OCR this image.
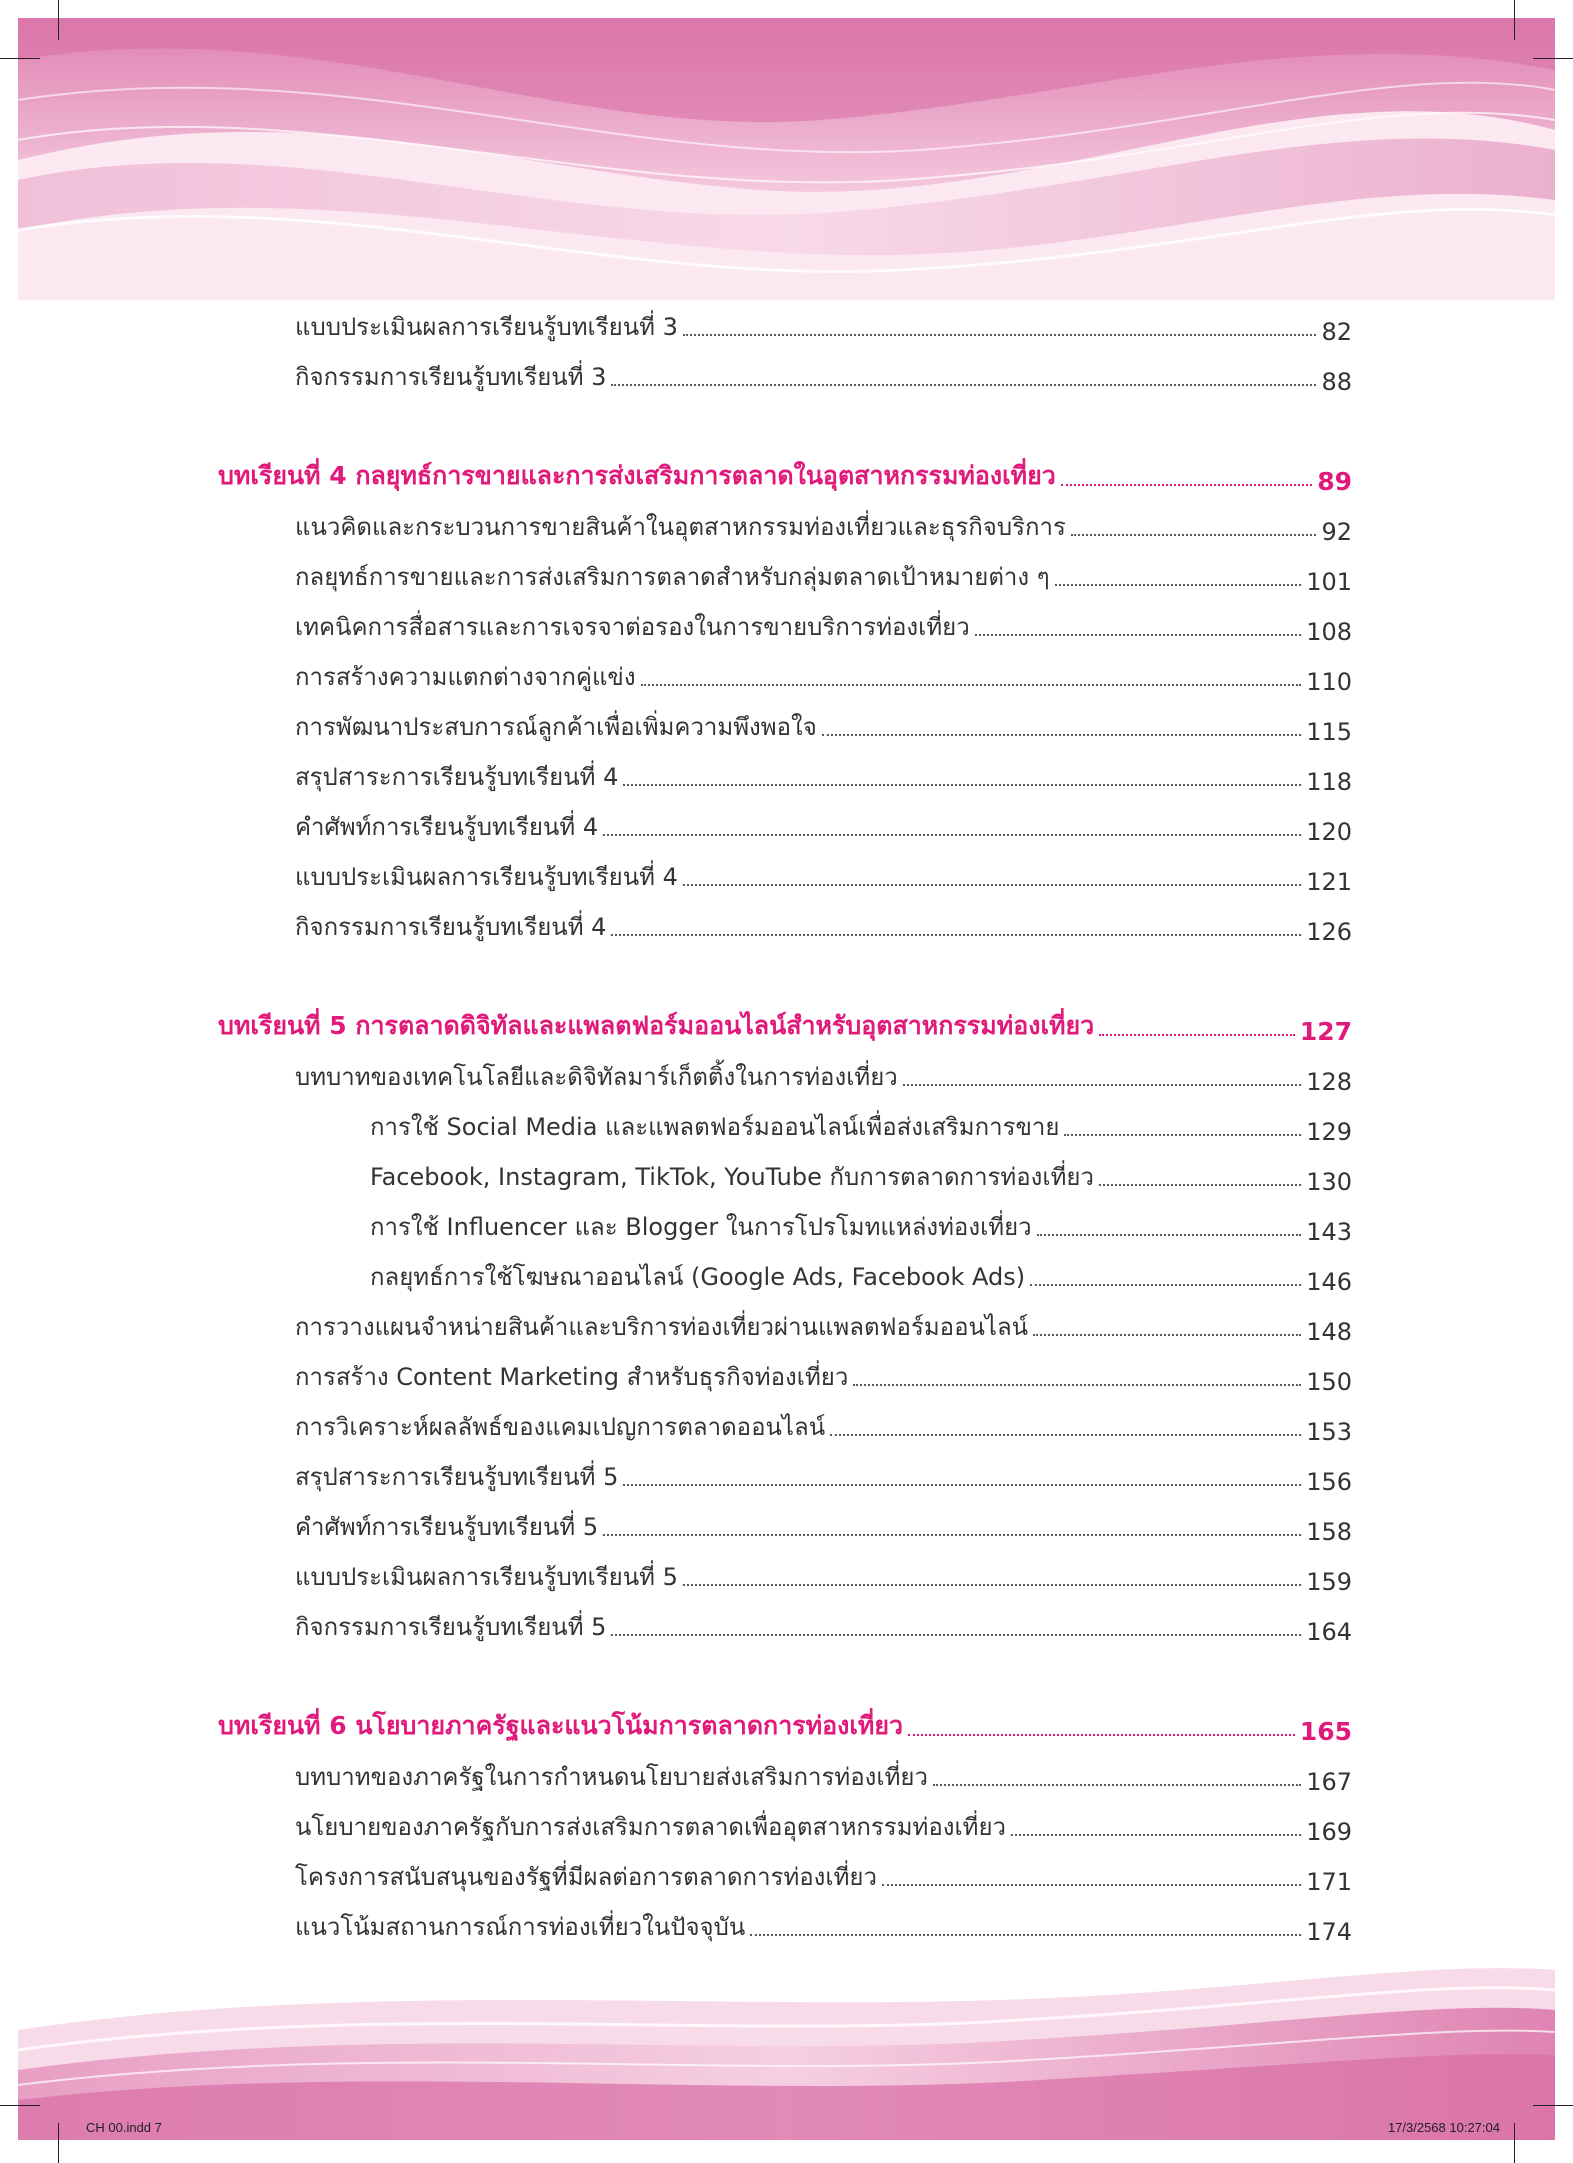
แบบประเมินผลการเรียนรู้บทเรียนที่ 3	82
กิจกรรมการเรียนรู้บทเรียนที่ 3	88
บทเรียนที่ 4 กลยุทธ์การขายและการส่งเสริมการตลาดในอุตสาหกรรมท่องเที่ยว	89
แนวคิดและกระบวนการขายสินค้าในอุตสาหกรรมท่องเที่ยวและธุรกิจบริการ	92
กลยุทธ์การขายและการส่งเสริมการตลาดสำหรับกลุ่มตลาดเป้าหมายต่าง ๆ	101
เทคนิคการสื่อสารและการเจรจาต่อรองในการขายบริการท่องเที่ยว	108
การสร้างความแตกต่างจากคู่แข่ง	110
การพัฒนาประสบการณ์ลูกค้าเพื่อเพิ่มความพึงพอใจ	115
สรุปสาระการเรียนรู้บทเรียนที่ 4	118
คำศัพท์การเรียนรู้บทเรียนที่ 4	120
แบบประเมินผลการเรียนรู้บทเรียนที่ 4	121
กิจกรรมการเรียนรู้บทเรียนที่ 4	126
บทเรียนที่ 5 การตลาดดิจิทัลและแพลตฟอร์มออนไลน์สำหรับอุตสาหกรรมท่องเที่ยว	127
บทบาทของเทคโนโลยีและดิจิทัลมาร์เก็ตติ้งในการท่องเที่ยว	128
การใช้ Social Media และแพลตฟอร์มออนไลน์เพื่อส่งเสริมการขาย	129
Facebook, Instagram, TikTok, YouTube กับการตลาดการท่องเที่ยว	130
การใช้ Influencer และ Blogger ในการโปรโมทแหล่งท่องเที่ยว	143
กลยุทธ์การใช้โฆษณาออนไลน์ (Google Ads, Facebook Ads)	146
การวางแผนจำหน่ายสินค้าและบริการท่องเที่ยวผ่านแพลตฟอร์มออนไลน์	148
การสร้าง Content Marketing สำหรับธุรกิจท่องเที่ยว	150
การวิเคราะห์ผลลัพธ์ของแคมเปญการตลาดออนไลน์	153
สรุปสาระการเรียนรู้บทเรียนที่ 5	156
คำศัพท์การเรียนรู้บทเรียนที่ 5	158
แบบประเมินผลการเรียนรู้บทเรียนที่ 5	159
กิจกรรมการเรียนรู้บทเรียนที่ 5	164
บทเรียนที่ 6 นโยบายภาครัฐและแนวโน้มการตลาดการท่องเที่ยว	165
บทบาทของภาครัฐในการกำหนดนโยบายส่งเสริมการท่องเที่ยว	167
นโยบายของภาครัฐกับการส่งเสริมการตลาดเพื่ออุตสาหกรรมท่องเที่ยว	169
โครงการสนับสนุนของรัฐที่มีผลต่อการตลาดการท่องเที่ยว	171
แนวโน้มสถานการณ์การท่องเที่ยวในปัจจุบัน	174
CH 00.indd 7	17/3/2568 10:27:04
